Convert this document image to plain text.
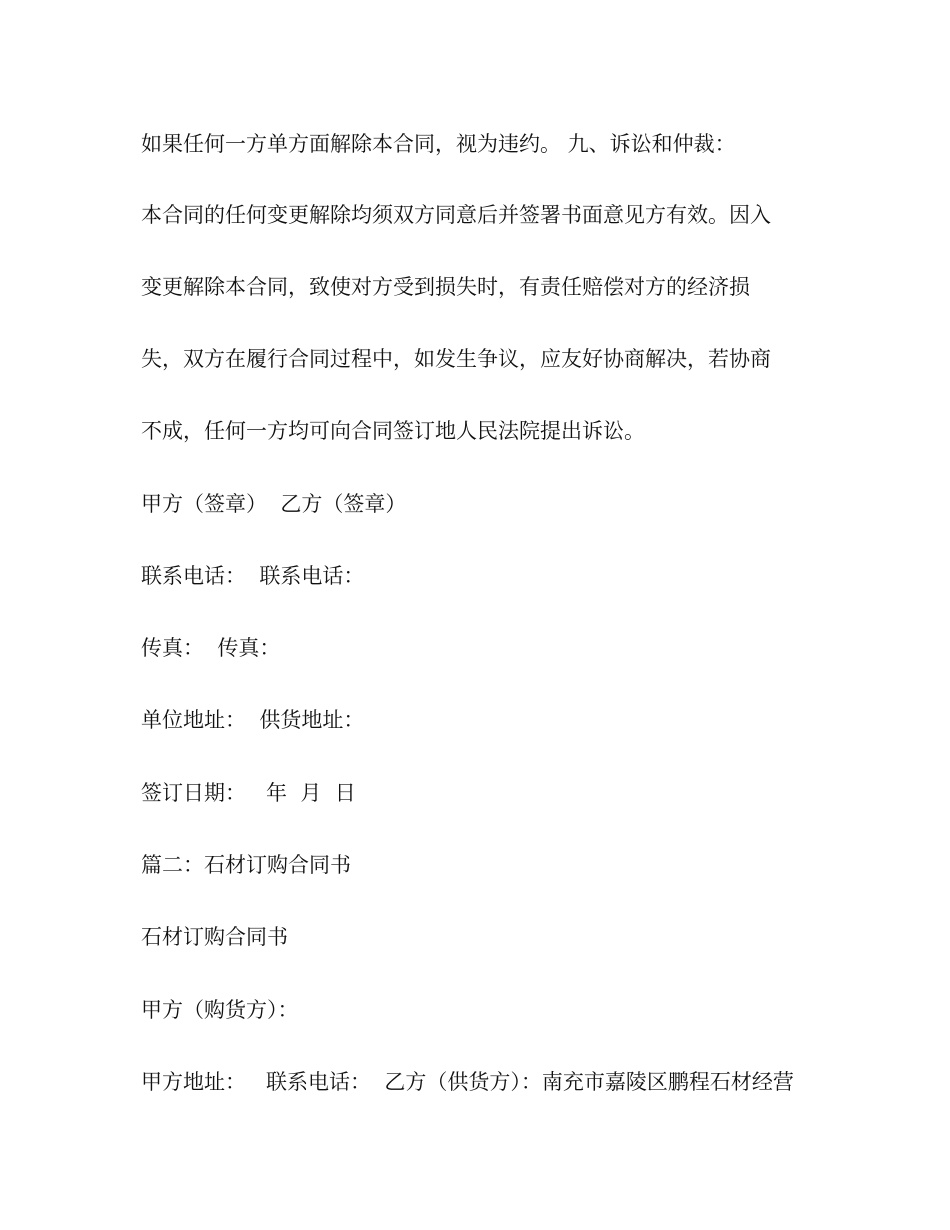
如果任何一方单方面解除本合同，视为违约。 九、诉讼和仲裁：

本合同的任何变更解除均须双方同意后并签署书面意见方有效。因入

变更解除本合同，致使对方受到损失时，有责任赔偿对方的经济损

失，双方在履行合同过程中，如发生争议，应友好协商解决，若协商

不成，任何一方均可向合同签订地人民法院提出诉讼。

甲方（签章）  乙方（签章）

联系电话：  联系电话：

传真：  传真：

单位地址：  供货地址：

签订日期：   年  月  日

篇二：石材订购合同书

石材订购合同书

甲方（购货方）：

甲方地址：   联系电话：  乙方（供货方）：南充市嘉陵区鹏程石材经营
